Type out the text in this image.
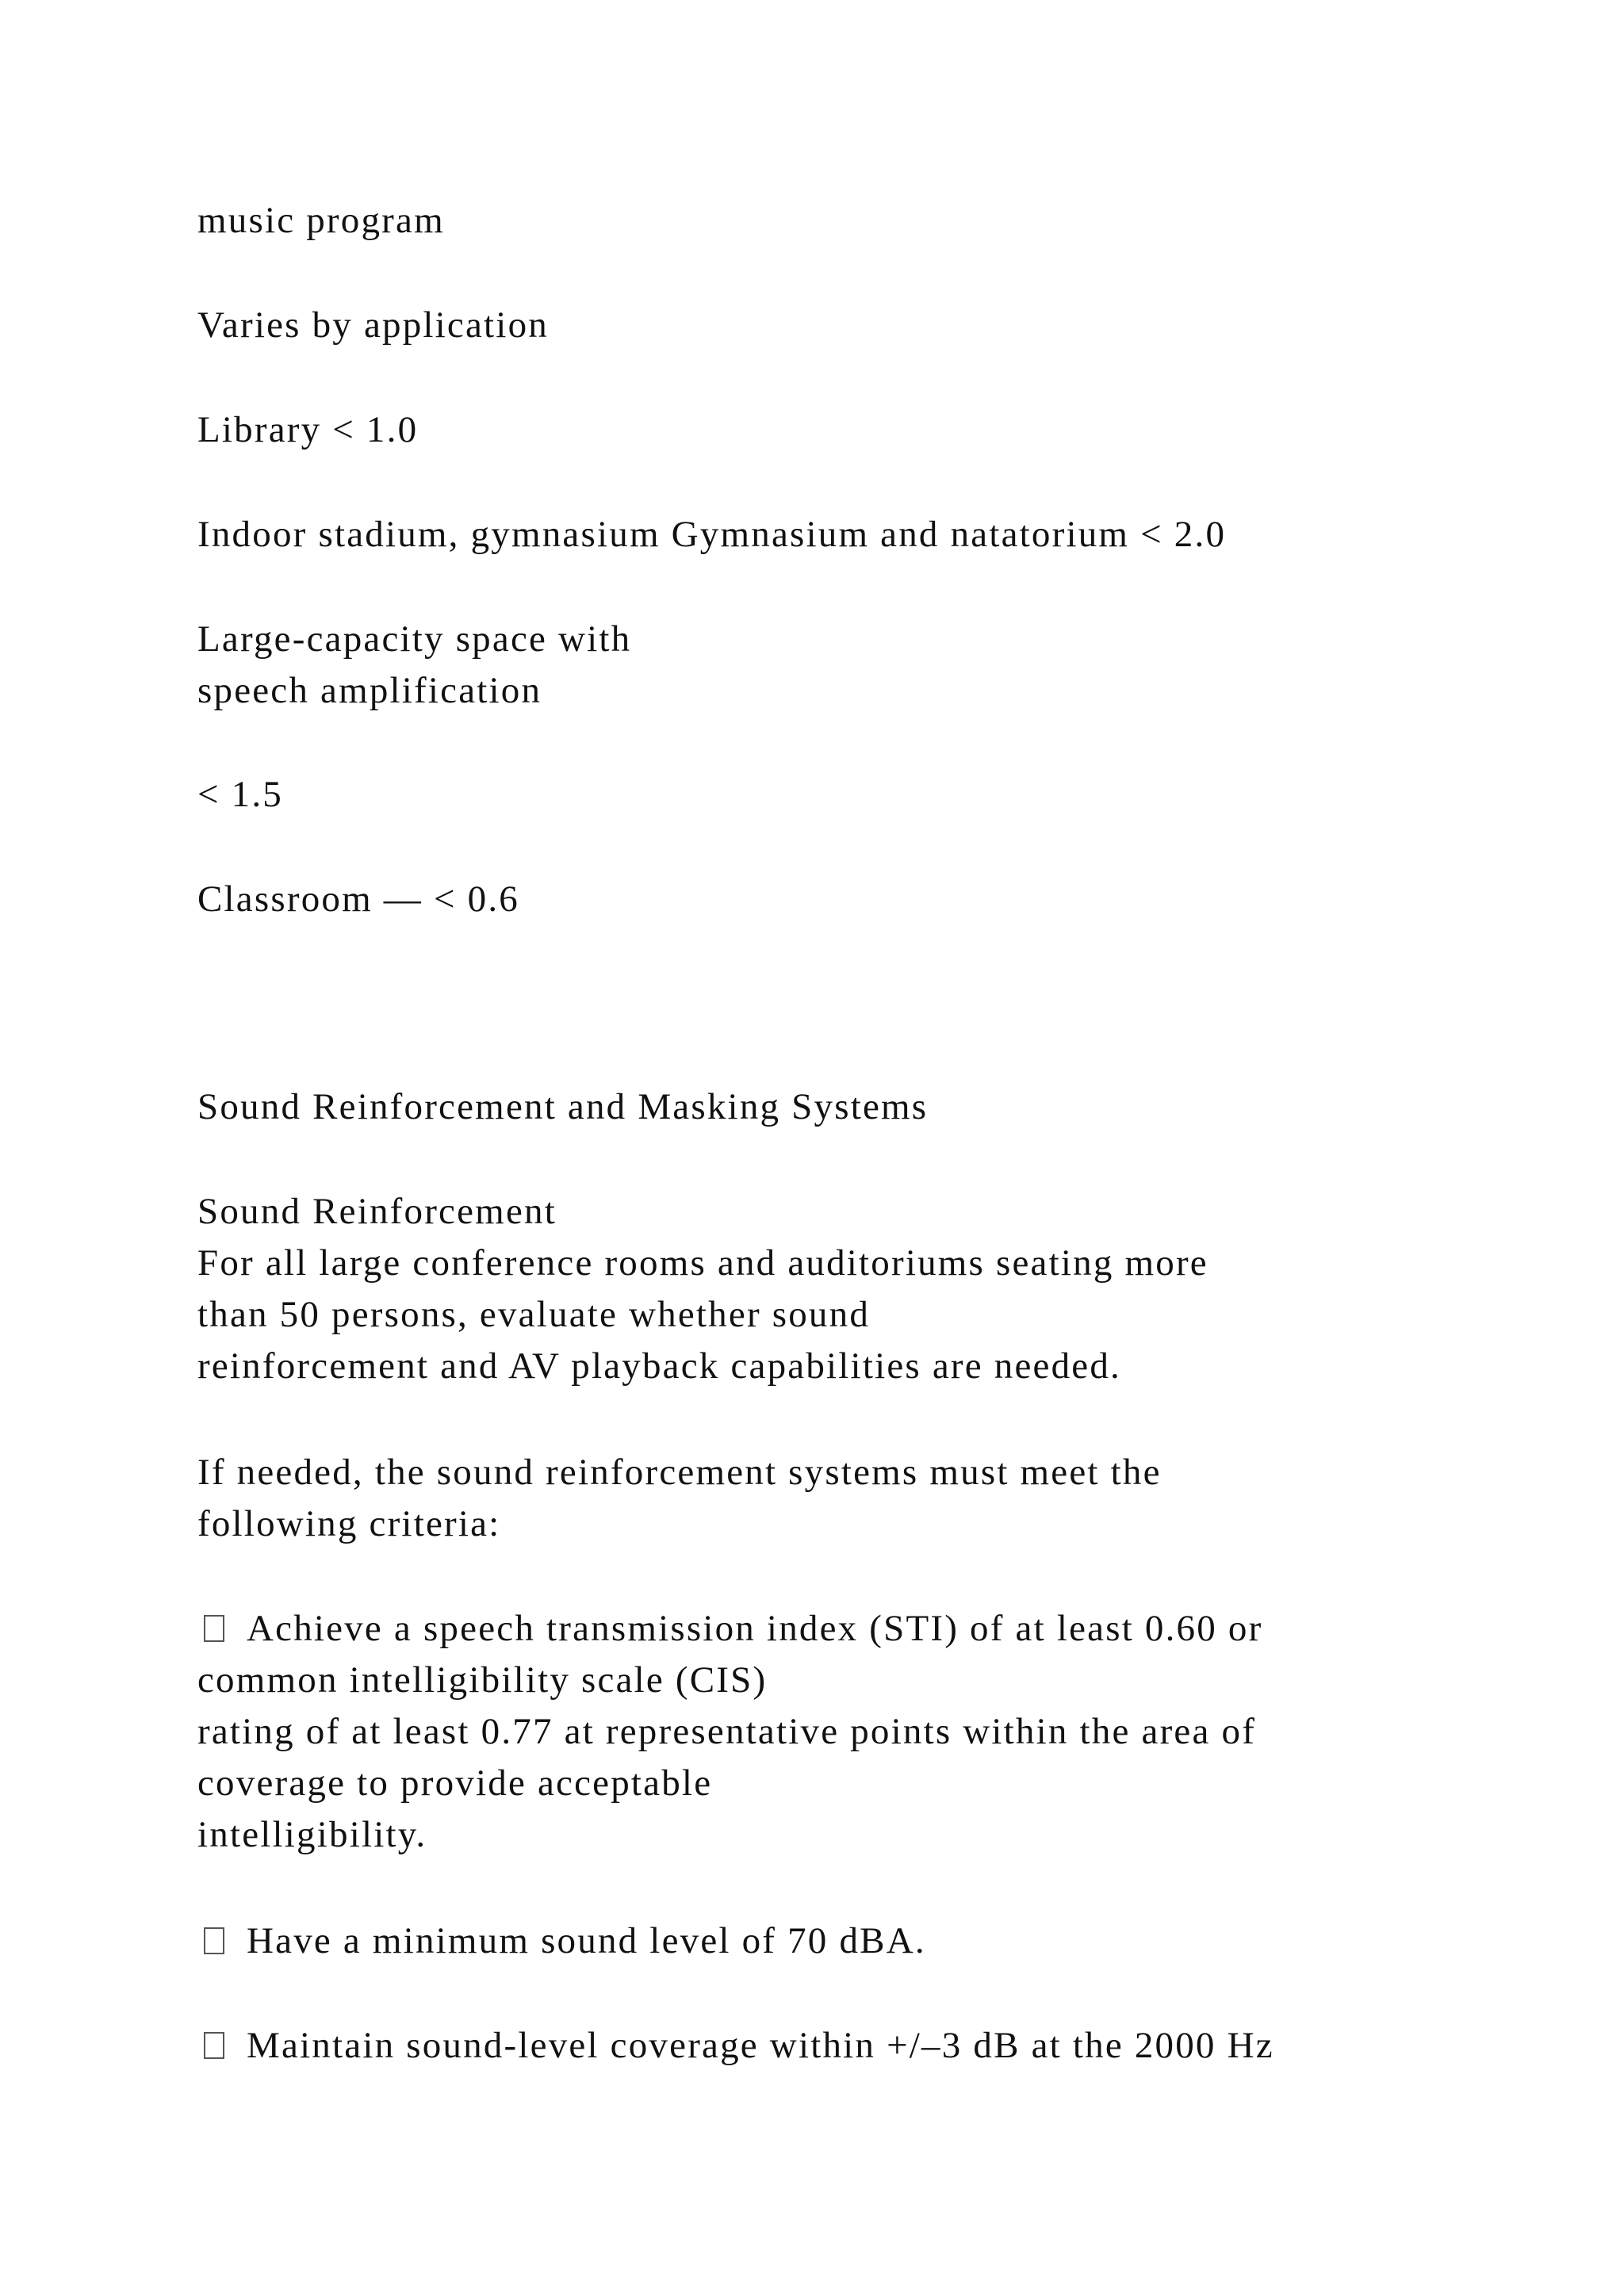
music program

Varies by application

Library < 1.0

Indoor stadium, gymnasium Gymnasium and natatorium < 2.0

Large-capacity space with
speech amplification

< 1.5

Classroom — < 0.6

Sound Reinforcement and Masking Systems

Sound Reinforcement
For all large conference rooms and auditoriums seating more
than 50 persons, evaluate whether sound
reinforcement and AV playback capabilities are needed.

If needed, the sound reinforcement systems must meet the
following criteria:

Achieve a speech transmission index (STI) of at least 0.60 or
common intelligibility scale (CIS)
rating of at least 0.77 at representative points within the area of
coverage to provide acceptable
intelligibility.

Have a minimum sound level of 70 dBA.

Maintain sound-level coverage within +/–3 dB at the 2000 Hz
